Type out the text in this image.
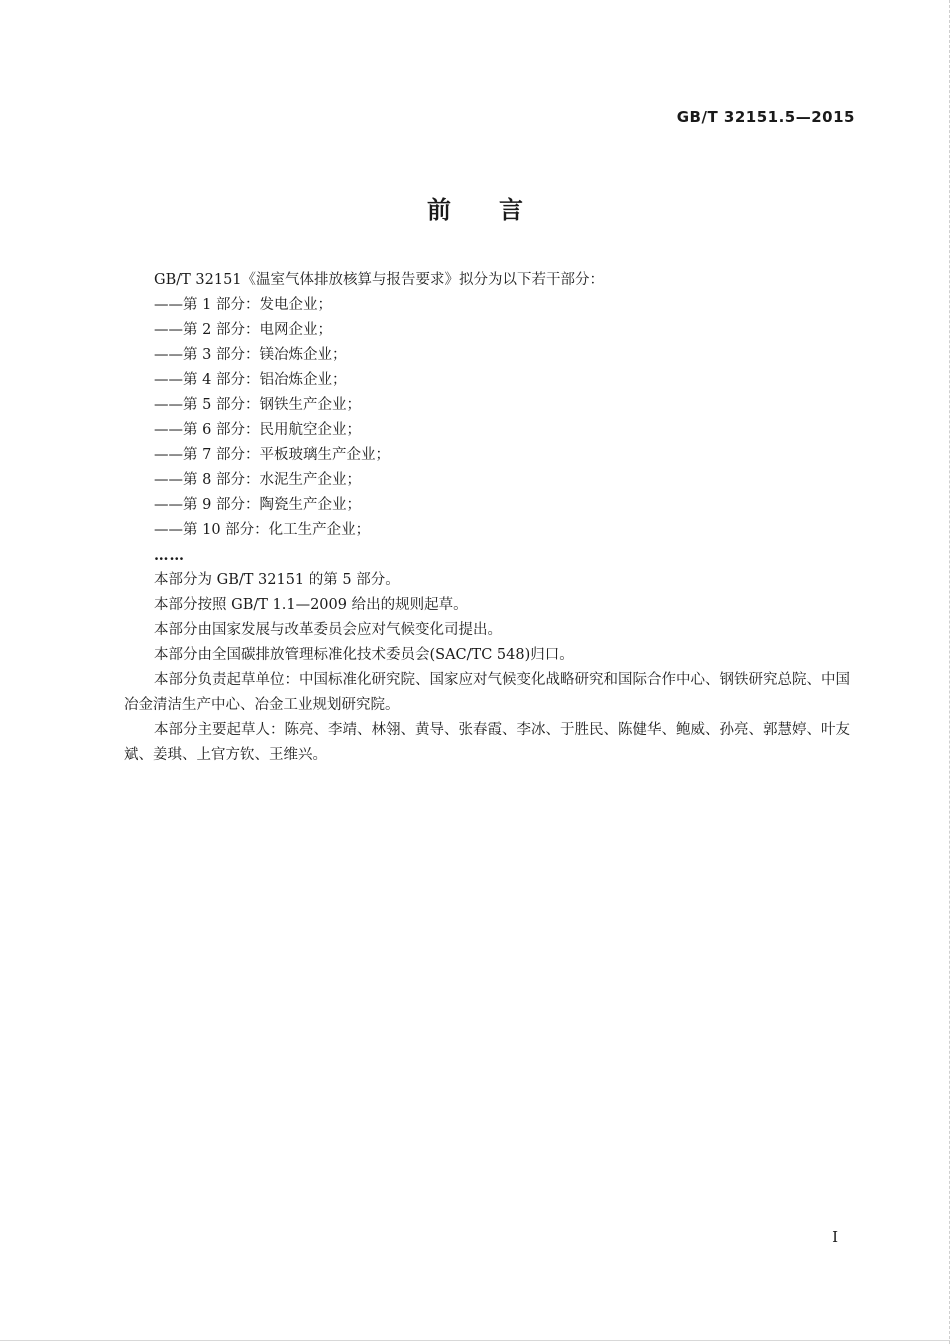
GB/T 32151.5—2015
前言

GB/T 32151《温室气体排放核算与报告要求》拟分为以下若干部分：

——第 1 部分：发电企业；
——第 2 部分：电网企业；
——第 3 部分：镁冶炼企业；
——第 4 部分：铝冶炼企业；
——第 5 部分：钢铁生产企业；
——第 6 部分：民用航空企业；
——第 7 部分：平板玻璃生产企业；
——第 8 部分：水泥生产企业；
——第 9 部分：陶瓷生产企业；
——第 10 部分：化工生产企业；
……

本部分为 GB/T 32151 的第 5 部分。

本部分按照 GB/T 1.1—2009 给出的规则起草。

本部分由国家发展与改革委员会应对气候变化司提出。

本部分由全国碳排放管理标准化技术委员会(SAC/TC 548)归口。

本部分负责起草单位：中国标准化研究院、国家应对气候变化战略研究和国际合作中心、钢铁研究总院、中国冶金清洁生产中心、冶金工业规划研究院。

本部分主要起草人：陈亮、李靖、林翎、黄导、张春霞、李冰、于胜民、陈健华、鲍威、孙亮、郭慧婷、叶友斌、姜琪、上官方钦、王维兴。

I
